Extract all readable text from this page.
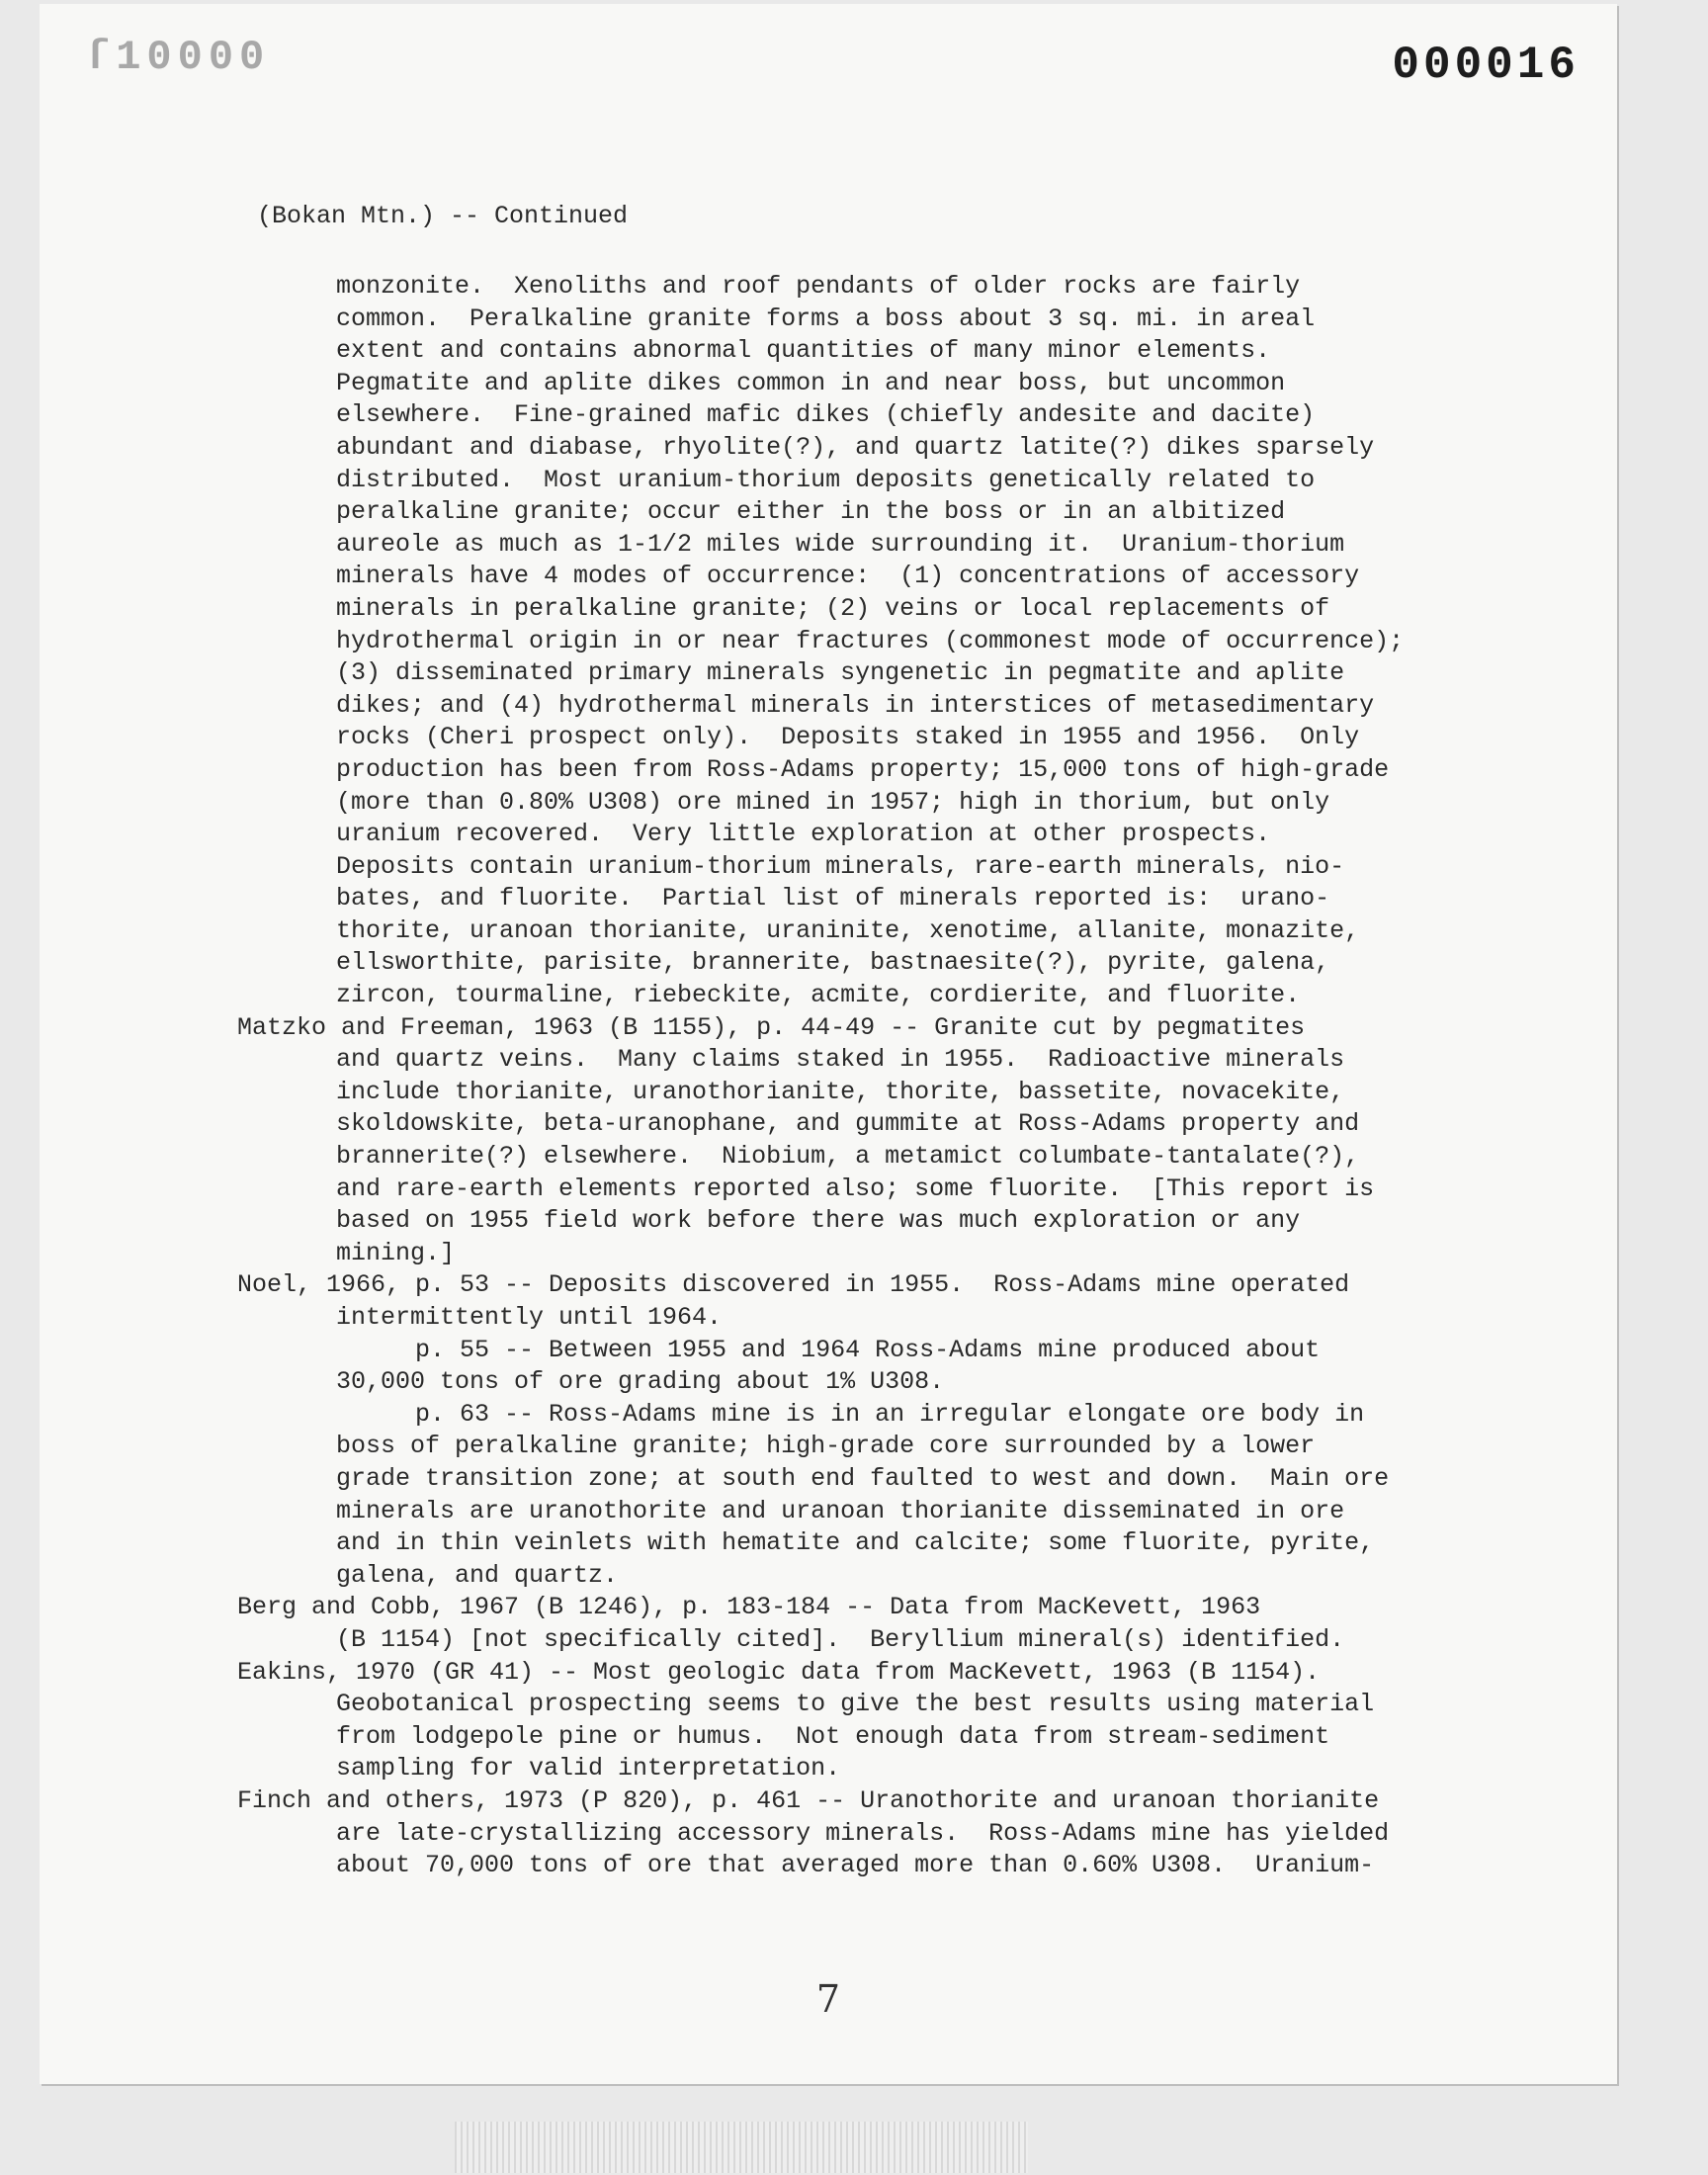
ſ10000	000016
(Bokan Mtn.) -- Continued

monzonite.  Xenoliths and roof pendants of older rocks are fairly

common.  Peralkaline granite forms a boss about 3 sq. mi. in areal

extent and contains abnormal quantities of many minor elements.

Pegmatite and aplite dikes common in and near boss, but uncommon

elsewhere.  Fine-grained mafic dikes (chiefly andesite and dacite)

abundant and diabase, rhyolite(?), and quartz latite(?) dikes sparsely

distributed.  Most uranium-thorium deposits genetically related to

peralkaline granite; occur either in the boss or in an albitized

aureole as much as 1-1/2 miles wide surrounding it.  Uranium-thorium

minerals have 4 modes of occurrence:  (1) concentrations of accessory

minerals in peralkaline granite; (2) veins or local replacements of

hydrothermal origin in or near fractures (commonest mode of occurrence);

(3) disseminated primary minerals syngenetic in pegmatite and aplite

dikes; and (4) hydrothermal minerals in interstices of metasedimentary

rocks (Cheri prospect only).  Deposits staked in 1955 and 1956.  Only

production has been from Ross-Adams property; 15,000 tons of high-grade

(more than 0.80% U308) ore mined in 1957; high in thorium, but only

uranium recovered.  Very little exploration at other prospects.

Deposits contain uranium-thorium minerals, rare-earth minerals, nio-

bates, and fluorite.  Partial list of minerals reported is:  urano-

thorite, uranoan thorianite, uraninite, xenotime, allanite, monazite,

ellsworthite, parisite, brannerite, bastnaesite(?), pyrite, galena,

zircon, tourmaline, riebeckite, acmite, cordierite, and fluorite.

Matzko and Freeman, 1963 (B 1155), p. 44-49 -- Granite cut by pegmatites

and quartz veins.  Many claims staked in 1955.  Radioactive minerals

include thorianite, uranothorianite, thorite, bassetite, novacekite,

skoldowskite, beta-uranophane, and gummite at Ross-Adams property and

brannerite(?) elsewhere.  Niobium, a metamict columbate-tantalate(?),

and rare-earth elements reported also; some fluorite.  [This report is

based on 1955 field work before there was much exploration or any

mining.]

Noel, 1966, p. 53 -- Deposits discovered in 1955.  Ross-Adams mine operated

intermittently until 1964.

p. 55 -- Between 1955 and 1964 Ross-Adams mine produced about

30,000 tons of ore grading about 1% U308.

p. 63 -- Ross-Adams mine is in an irregular elongate ore body in

boss of peralkaline granite; high-grade core surrounded by a lower

grade transition zone; at south end faulted to west and down.  Main ore

minerals are uranothorite and uranoan thorianite disseminated in ore

and in thin veinlets with hematite and calcite; some fluorite, pyrite,

galena, and quartz.

Berg and Cobb, 1967 (B 1246), p. 183-184 -- Data from MacKevett, 1963

(B 1154) [not specifically cited].  Beryllium mineral(s) identified.

Eakins, 1970 (GR 41) -- Most geologic data from MacKevett, 1963 (B 1154).

Geobotanical prospecting seems to give the best results using material

from lodgepole pine or humus.  Not enough data from stream-sediment

sampling for valid interpretation.

Finch and others, 1973 (P 820), p. 461 -- Uranothorite and uranoan thorianite

are late-crystallizing accessory minerals.  Ross-Adams mine has yielded

about 70,000 tons of ore that averaged more than 0.60% U308.  Uranium-

7
